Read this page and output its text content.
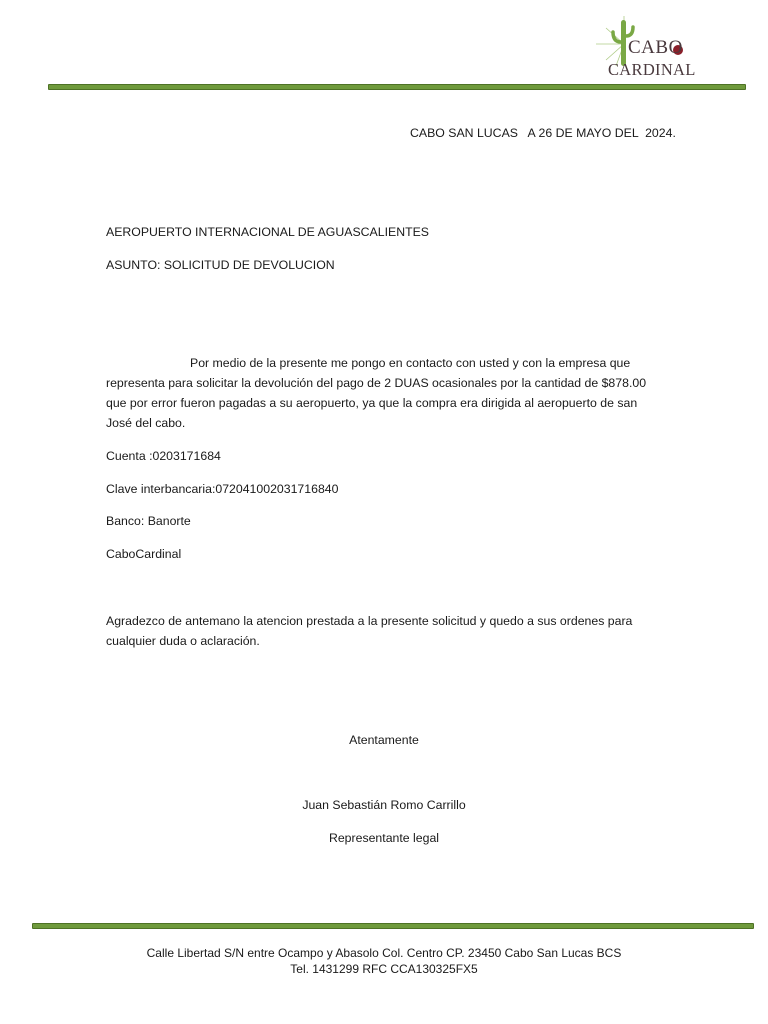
CABO
CARDINAL
CABO SAN LUCAS   A 26 DE MAYO DEL  2024.
AEROPUERTO INTERNACIONAL DE AGUASCALIENTES
ASUNTO: SOLICITUD DE DEVOLUCION
Por medio de la presente me pongo en contacto con usted y con la empresa que representa para solicitar la devolución del pago de 2 DUAS ocasionales por la cantidad de $878.00 que por error fueron pagadas a su aeropuerto, ya que la compra era dirigida al aeropuerto de san José del cabo.
Cuenta :0203171684
Clave interbancaria:072041002031716840
Banco: Banorte
CaboCardinal
Agradezco de antemano la atencion prestada a la presente solicitud y quedo a sus ordenes para cualquier duda o aclaración.
Atentamente
Juan Sebastián Romo Carrillo
Representante legal
Calle Libertad S/N entre Ocampo y Abasolo Col. Centro CP. 23450 Cabo San Lucas BCS
Tel. 1431299 RFC CCA130325FX5
